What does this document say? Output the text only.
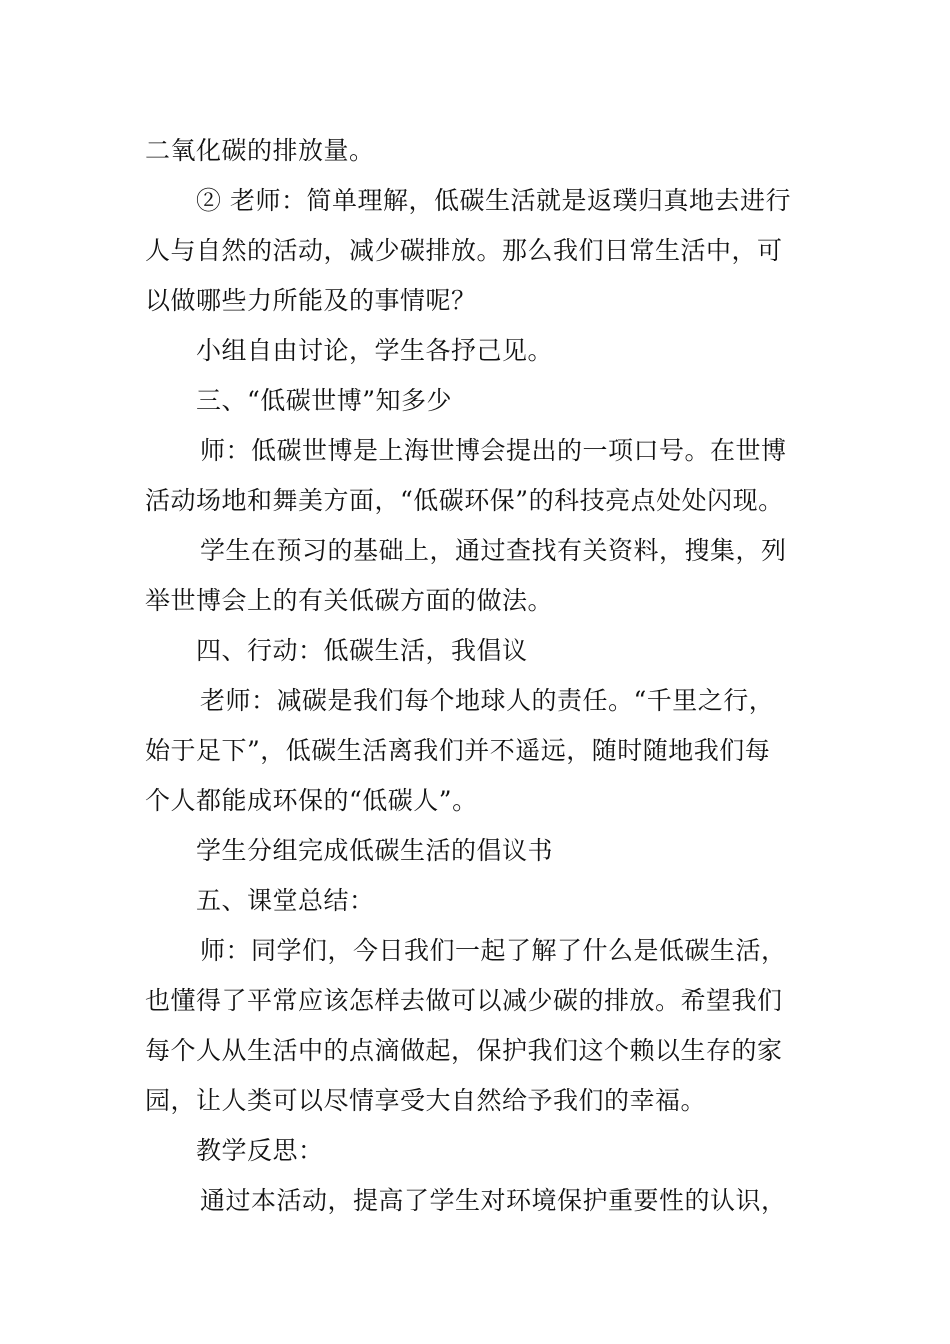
二氧化碳的排放量。
② 老师：简单理解，低碳生活就是返璞归真地去进行
人与自然的活动，减少碳排放。那么我们日常生活中，可
以做哪些力所能及的事情呢？
小组自由讨论，学生各抒己见。
三、“低碳世博”知多少
师：低碳世博是上海世博会提出的一项口号。在世博
活动场地和舞美方面，“低碳环保”的科技亮点处处闪现。
学生在预习的基础上，通过查找有关资料，搜集，列
举世博会上的有关低碳方面的做法。
四、行动：低碳生活，我倡议
老师：减碳是我们每个地球人的责任。“千里之行，
始于足下”，低碳生活离我们并不遥远，随时随地我们每
个人都能成环保的“低碳人”。
学生分组完成低碳生活的倡议书
五、课堂总结：
师：同学们，今日我们一起了解了什么是低碳生活，
也懂得了平常应该怎样去做可以减少碳的排放。希望我们
每个人从生活中的点滴做起，保护我们这个赖以生存的家
园，让人类可以尽情享受大自然给予我们的幸福。
教学反思：
通过本活动，提高了学生对环境保护重要性的认识，
